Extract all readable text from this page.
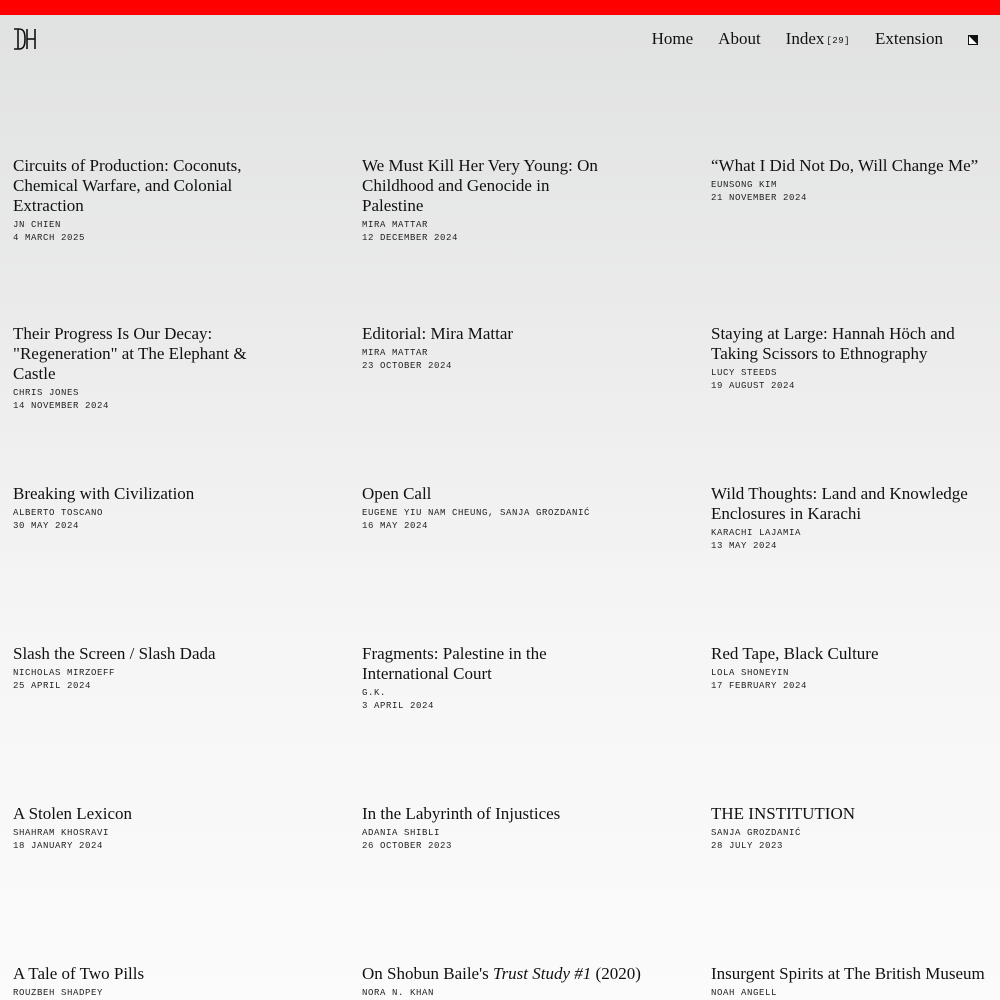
Home About Index [29] Extension
Circuits of Production: Coconuts, Chemical Warfare, and Colonial Extraction
JN CHIEN
4 MARCH 2025
We Must Kill Her Very Young: On Childhood and Genocide in Palestine
MIRA MATTAR
12 DECEMBER 2024
“What I Did Not Do, Will Change Me”
EUNSONG KIM
21 NOVEMBER 2024
Their Progress Is Our Decay: "Regeneration" at The Elephant & Castle
CHRIS JONES
14 NOVEMBER 2024
Editorial: Mira Mattar
MIRA MATTAR
23 OCTOBER 2024
Staying at Large: Hannah Höch and Taking Scissors to Ethnography
LUCY STEEDS
19 AUGUST 2024
Breaking with Civilization
ALBERTO TOSCANO
30 MAY 2024
Open Call
EUGENE YIU NAM CHEUNG, SANJA GROZDANIĆ
16 MAY 2024
Wild Thoughts: Land and Knowledge Enclosures in Karachi
KARACHI LAJAMIA
13 MAY 2024
Slash the Screen / Slash Dada
NICHOLAS MIRZOEFF
25 APRIL 2024
Fragments: Palestine in the International Court
G.K.
3 APRIL 2024
Red Tape, Black Culture
LOLA SHONEYIN
17 FEBRUARY 2024
A Stolen Lexicon
SHAHRAM KHOSRAVI
18 JANUARY 2024
In the Labyrinth of Injustices
ADANIA SHIBLI
26 OCTOBER 2023
THE INSTITUTION
SANJA GROZDANIĆ
28 JULY 2023
A Tale of Two Pills
ROUZBEH SHADPEY
On Shobun Baile's Trust Study #1 (2020)
NORA N. KHAN
Insurgent Spirits at The British Museum
NOAH ANGELL
